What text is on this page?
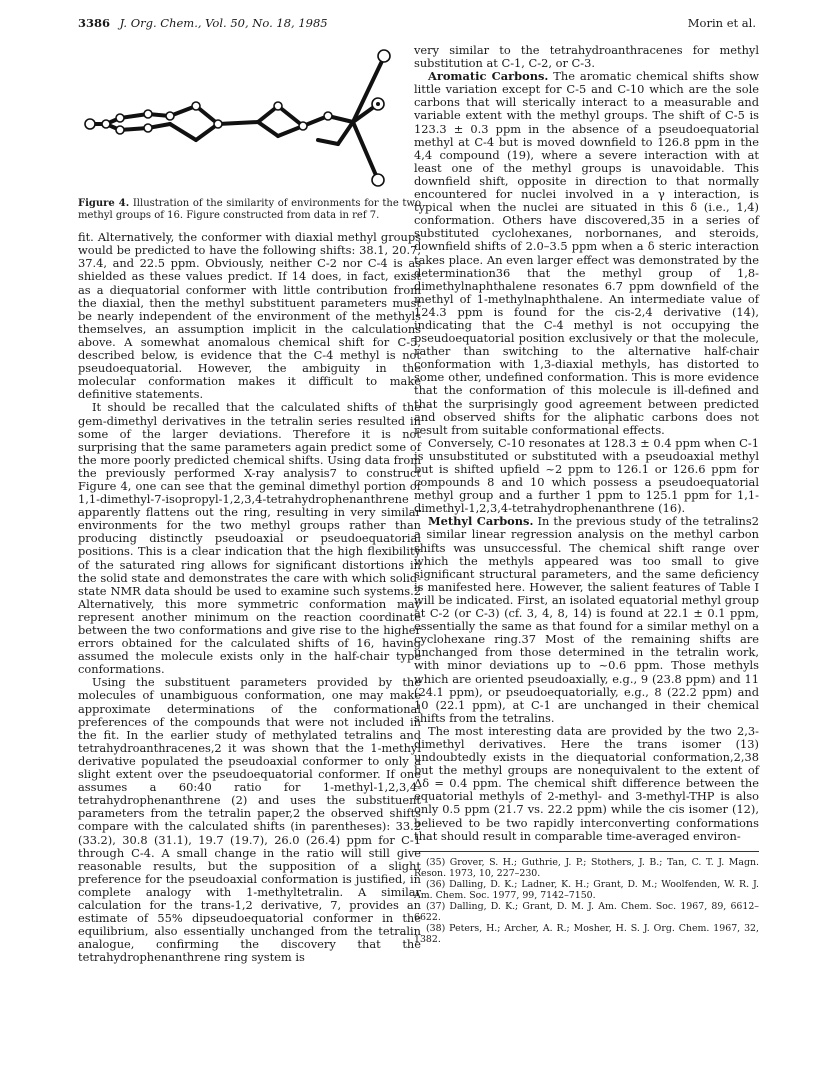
3386 J. Org. Chem., Vol. 50, No. 18, 1985	Morin et al.

Figure 4. Illustration of the similarity of environments for the two methyl groups of 16. Figure constructed from data in ref 7.

fit. Alternatively, the conformer with diaxial methyl groups would be predicted to have the following shifts: 38.1, 20.7, 37.4, and 22.5 ppm. Obviously, neither C-2 nor C-4 is as shielded as these values predict. If 14 does, in fact, exist as a diequatorial conformer with little contribution from the diaxial, then the methyl substituent parameters must be nearly independent of the environment of the methyls themselves, an assumption implicit in the calculations above. A somewhat anomalous chemical shift for C-5, described below, is evidence that the C-4 methyl is not pseudoequatorial. However, the ambiguity in the molecular conformation makes it difficult to make definitive statements.

It should be recalled that the calculated shifts of the gem-dimethyl derivatives in the tetralin series resulted in some of the larger deviations. Therefore it is not surprising that the same parameters again predict some of the more poorly predicted chemical shifts. Using data from the previously performed X-ray analysis7 to construct Figure 4, one can see that the geminal dimethyl portion of 1,1-dimethyl-7-isopropyl-1,2,3,4-tetrahydrophenanthrene apparently flattens out the ring, resulting in very similar environments for the two methyl groups rather than producing distinctly pseudoaxial or pseudoequatorial positions. This is a clear indication that the high flexibility of the saturated ring allows for significant distortions in the solid state and demonstrates the care with which solid-state NMR data should be used to examine such systems.2 Alternatively, this more symmetric conformation may represent another minimum on the reaction coordinate between the two conformations and give rise to the higher errors obtained for the calculated shifts of 16, having assumed the molecule exists only in the half-chair type conformations.

Using the substituent parameters provided by the molecules of unambiguous conformation, one may make approximate determinations of the conformational preferences of the compounds that were not included in the fit. In the earlier study of methylated tetralins and tetrahydroanthracenes,2 it was shown that the 1-methyl derivative populated the pseudoaxial conformer to only a slight extent over the pseudoequatorial conformer. If one assumes a 60:40 ratio for 1-methyl-1,2,3,4-tetrahydrophenanthrene (2) and uses the substituent parameters from the tetralin paper,2 the observed shifts compare with the calculated shifts (in parentheses): 33.2 (33.2), 30.8 (31.1), 19.7 (19.7), 26.0 (26.4) ppm for C-1 through C-4. A small change in the ratio will still give reasonable results, but the supposition of a slight preference for the pseudoaxial conformation is justified, in complete analogy with 1-methyltetralin. A similar calculation for the trans-1,2 derivative, 7, provides an estimate of 55% dipseudoequatorial conformer in the equilibrium, also essentially unchanged from the tetralin analogue, confirming the discovery that the tetrahydrophenanthrene ring system is

very similar to the tetrahydroanthracenes for methyl substitution at C-1, C-2, or C-3.

Aromatic Carbons. The aromatic chemical shifts show little variation except for C-5 and C-10 which are the sole carbons that will sterically interact to a measurable and variable extent with the methyl groups. The shift of C-5 is 123.3 ± 0.3 ppm in the absence of a pseudoequatorial methyl at C-4 but is moved downfield to 126.8 ppm in the 4,4 compound (19), where a severe interaction with at least one of the methyl groups is unavoidable. This downfield shift, opposite in direction to that normally encountered for nuclei involved in a γ interaction, is typical when the nuclei are situated in this δ (i.e., 1,4) conformation. Others have discovered,35 in a series of substituted cyclohexanes, norbornanes, and steroids, downfield shifts of 2.0–3.5 ppm when a δ steric interaction takes place. An even larger effect was demonstrated by the determination36 that the methyl group of 1,8-dimethylnaphthalene resonates 6.7 ppm downfield of the methyl of 1-methylnaphthalene. An intermediate value of 124.3 ppm is found for the cis-2,4 derivative (14), indicating that the C-4 methyl is not occupying the pseudoequatorial position exclusively or that the molecule, rather than switching to the alternative half-chair conformation with 1,3-diaxial methyls, has distorted to some other, undefined conformation. This is more evidence that the conformation of this molecule is ill-defined and that the surprisingly good agreement between predicted and observed shifts for the aliphatic carbons does not result from suitable conformational effects.

Conversely, C-10 resonates at 128.3 ± 0.4 ppm when C-1 is unsubstituted or substituted with a pseudoaxial methyl but is shifted upfield ~2 ppm to 126.1 or 126.6 ppm for compounds 8 and 10 which possess a pseudoequatorial methyl group and a further 1 ppm to 125.1 ppm for 1,1-dimethyl-1,2,3,4-tetrahydrophenanthrene (16).

Methyl Carbons. In the previous study of the tetralins2 a similar linear regression analysis on the methyl carbon shifts was unsuccessful. The chemical shift range over which the methyls appeared was too small to give significant structural parameters, and the same deficiency is manifested here. However, the salient features of Table I will be indicated. First, an isolated equatorial methyl group at C-2 (or C-3) (cf. 3, 4, 8, 14) is found at 22.1 ± 0.1 ppm, essentially the same as that found for a similar methyl on a cyclohexane ring.37 Most of the remaining shifts are unchanged from those determined in the tetralin work, with minor deviations up to ~0.6 ppm. Those methyls which are oriented pseudoaxially, e.g., 9 (23.8 ppm) and 11 (24.1 ppm), or pseudoequatorially, e.g., 8 (22.2 ppm) and 10 (22.1 ppm), at C-1 are unchanged in their chemical shifts from the tetralins.

The most interesting data are provided by the two 2,3-dimethyl derivatives. Here the trans isomer (13) undoubtedly exists in the diequatorial conformation,2,38 but the methyl groups are nonequivalent to the extent of Δδ = 0.4 ppm. The chemical shift difference between the equatorial methyls of 2-methyl- and 3-methyl-THP is also only 0.5 ppm (21.7 vs. 22.2 ppm) while the cis isomer (12), believed to be two rapidly interconverting conformations that should result in comparable time-averaged environ-

(35) Grover, S. H.; Guthrie, J. P.; Stothers, J. B.; Tan, C. T. J. Magn. Reson. 1973, 10, 227–230.

(36) Dalling, D. K.; Ladner, K. H.; Grant, D. M.; Woolfenden, W. R. J. Am. Chem. Soc. 1977, 99, 7142–7150.

(37) Dalling, D. K.; Grant, D. M. J. Am. Chem. Soc. 1967, 89, 6612–6622.

(38) Peters, H.; Archer, A. R.; Mosher, H. S. J. Org. Chem. 1967, 32, 1382.
